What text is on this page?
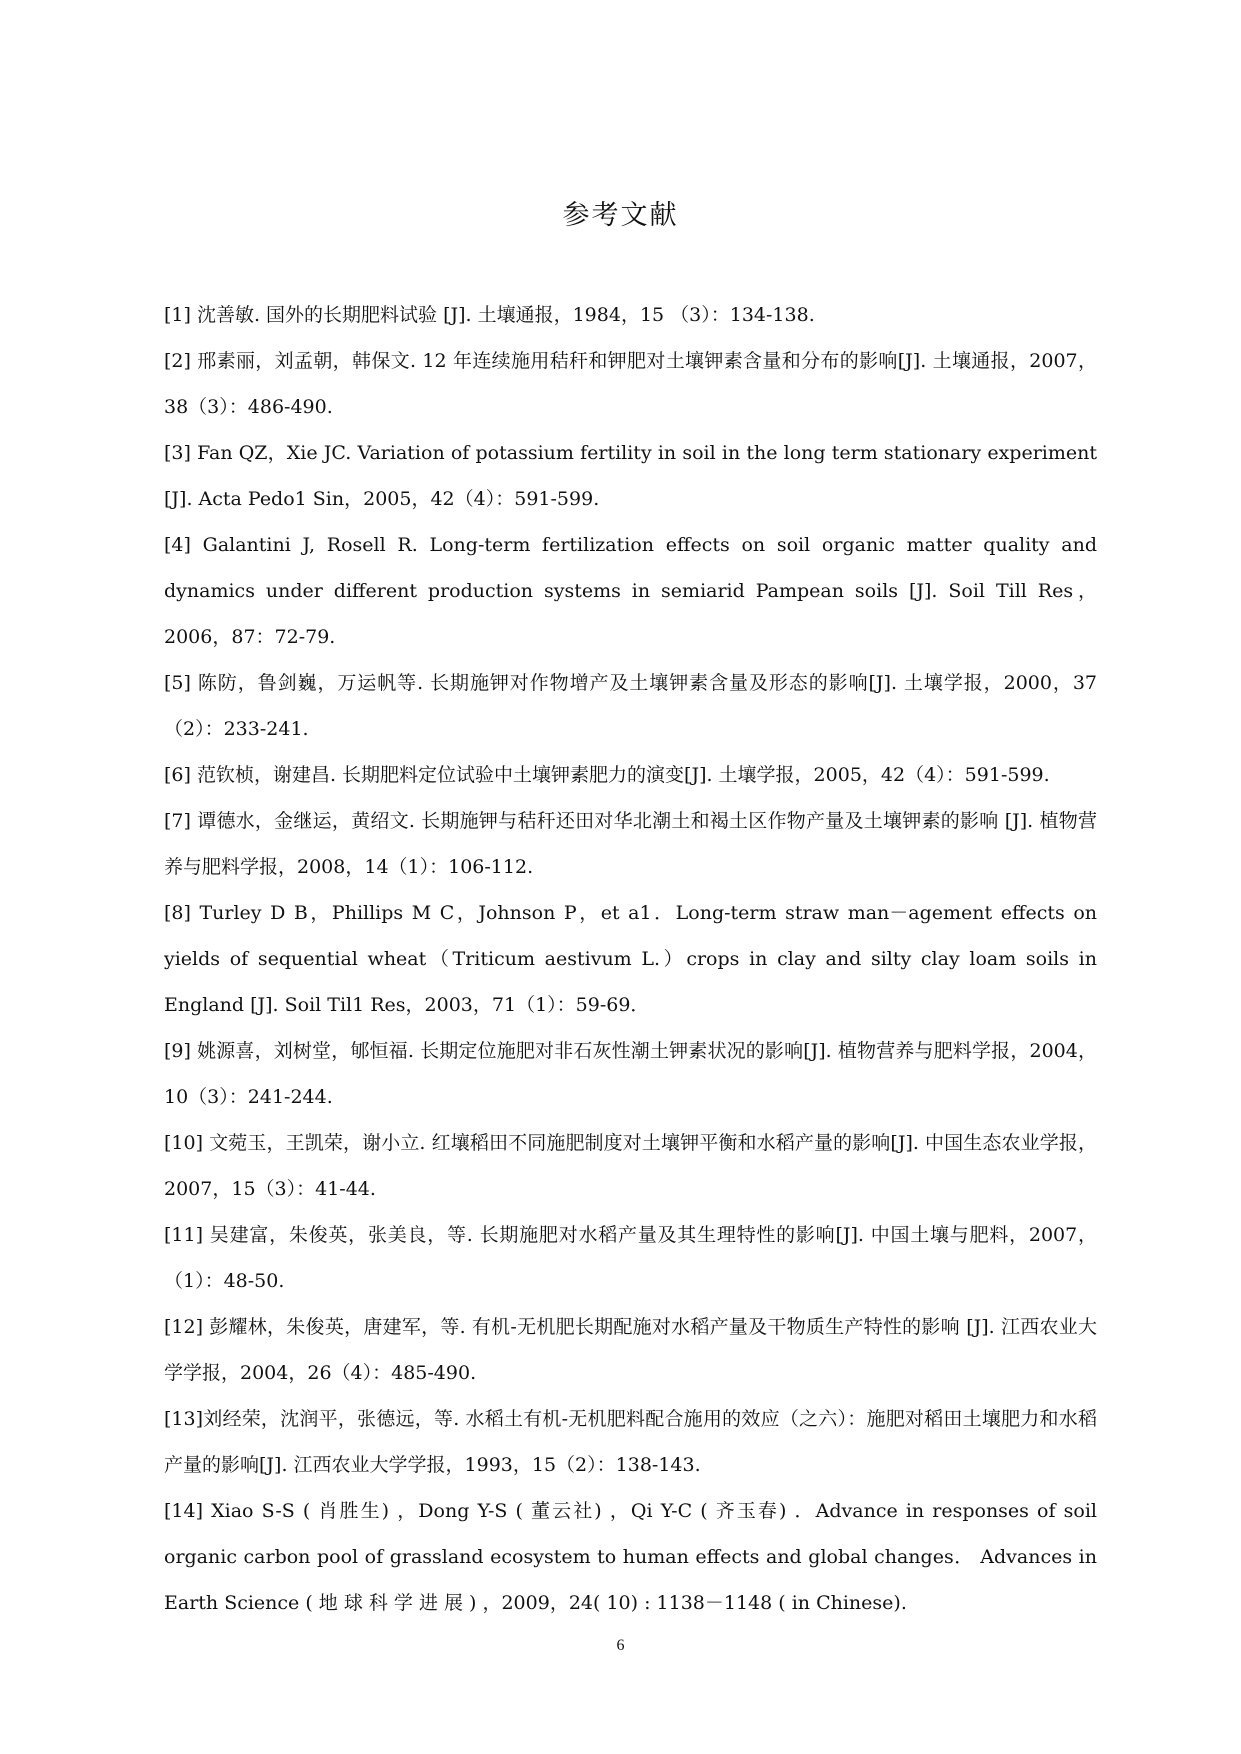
参考文献
[1] 沈善敏. 国外的长期肥料试验 [J]. 土壤通报，1984，15 （3）：134-138.
[2] 邢素丽，刘孟朝，韩保文. 12 年连续施用秸秆和钾肥对土壤钾素含量和分布的影响[J]. 土壤通报，2007，38（3）：486-490.
[3] Fan QZ，Xie JC. Variation of potassium fertility in soil in the long term stationary experiment [J]. Acta Pedo1 Sin，2005，42（4）：591-599.
[4] Galantini J, Rosell R. Long-term fertilization effects on soil organic matter quality and dynamics under different production systems in semiarid Pampean soils [J]. Soil Till Res，2006，87：72-79.
[5] 陈防，鲁剑巍，万运帆等. 长期施钾对作物增产及土壤钾素含量及形态的影响[J]. 土壤学报，2000，37（2）：233-241.
[6] 范钦桢，谢建昌. 长期肥料定位试验中土壤钾素肥力的演变[J]. 土壤学报，2005，42（4）：591-599.
[7] 谭德水，金继运，黄绍文. 长期施钾与秸秆还田对华北潮土和褐土区作物产量及土壤钾素的影响 [J]. 植物营养与肥料学报，2008，14（1）：106-112.
[8] Turley D B，Phillips M C，Johnson P，et a1．Long-term straw man－agement effects on yields of sequential wheat（Triticum aestivum L.）crops in clay and silty clay loam soils in England [J]. Soil Til1 Res，2003，71（1）：59-69．
[9] 姚源喜，刘树堂，郇恒福. 长期定位施肥对非石灰性潮土钾素状况的影响[J]. 植物营养与肥料学报，2004，10（3）：241-244.
[10] 文菀玉，王凯荣，谢小立. 红壤稻田不同施肥制度对土壤钾平衡和水稻产量的影响[J]. 中国生态农业学报，2007，15（3）：41-44.
[11] 吴建富，朱俊英，张美良，等. 长期施肥对水稻产量及其生理特性的影响[J]. 中国土壤与肥料，2007，（1）：48-50.
[12] 彭耀林，朱俊英，唐建军，等. 有机-无机肥长期配施对水稻产量及干物质生产特性的影响 [J]. 江西农业大学学报，2004，26（4）：485-490.
[13]刘经荣，沈润平，张德远，等. 水稻土有机-无机肥料配合施用的效应（之六）：施肥对稻田土壤肥力和水稻产量的影响[J]. 江西农业大学学报，1993，15（2）：138-143.
[14] Xiao S-S ( 肖胜生) ，Dong Y-S ( 董云社) ，Qi Y-C ( 齐玉春) ．Advance in responses of soil organic carbon pool of grassland ecosystem to human effects and global changes． Advances in Earth Science ( 地 球 科 学 进 展 ) ，2009，24( 10) : 1138－1148 ( in Chinese).
6
